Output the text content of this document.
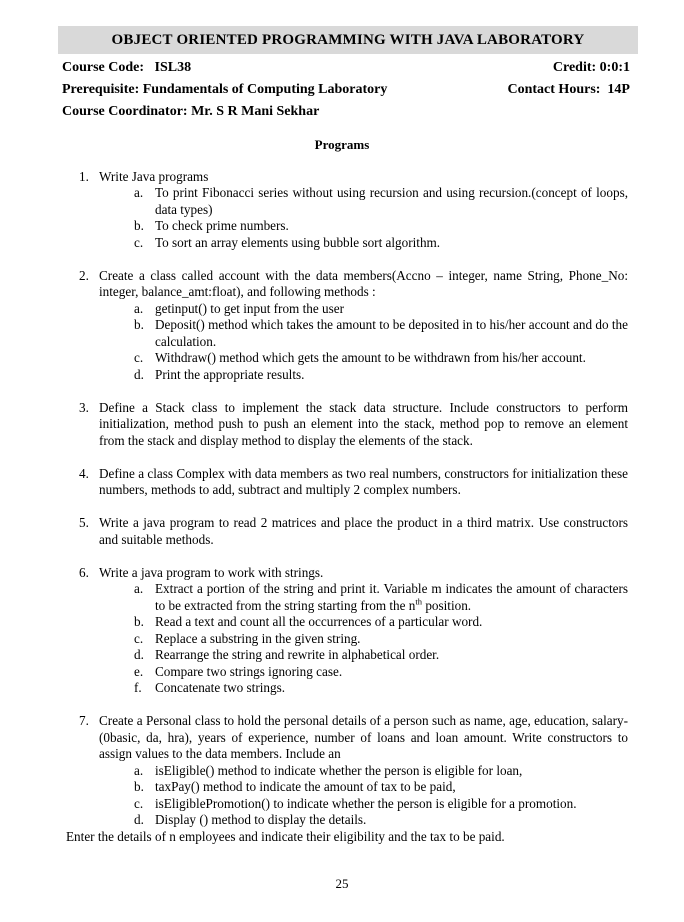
OBJECT ORIENTED PROGRAMMING WITH JAVA LABORATORY
Course Code:   ISL38	Credit: 0:0:1
Prerequisite: Fundamentals of Computing Laboratory	Contact Hours:  14P
Course Coordinator: Mr. S R Mani Sekhar
Programs
1. Write Java programs
a. To print Fibonacci series without using recursion and using recursion.(concept of loops, data types)
b. To check prime numbers.
c. To sort an array elements using bubble sort algorithm.
2. Create a class called account with the data members(Accno – integer, name String, Phone_No: integer, balance_amt:float), and following methods :
a. getinput() to get input from the user
b. Deposit() method which takes the amount to be deposited in to his/her account and do the calculation.
c. Withdraw() method which gets the amount to be withdrawn from his/her account.
d. Print the appropriate results.
3. Define a Stack class to implement the stack data structure. Include constructors to perform initialization, method push to push an element into the stack, method pop to remove an element from the stack and display method to display the elements of the stack.
4. Define a class Complex with data members as two real numbers, constructors for initialization these numbers, methods to add, subtract and multiply 2 complex numbers.
5. Write a java program to read 2 matrices and place the product in a third matrix. Use constructors and suitable methods.
6. Write a java program to work with strings.
a. Extract a portion of the string and print it. Variable m indicates the amount of characters to be extracted from the string starting from the $n^{th}$ position.
b. Read a text and count all the occurrences of a particular word.
c. Replace a substring in the given string.
d. Rearrange the string and rewrite in alphabetical order.
e. Compare two strings ignoring case.
f.	Concatenate two strings.
7. Create a Personal class to hold the personal details of a person such as name, age, education, salary-(0basic, da, hra), years of experience, number of loans and loan amount. Write constructors to assign values to the data members. Include an
a. isEligible() method to indicate whether the person is eligible for loan,
b. taxPay() method to indicate the amount of tax to be paid,
c. isEligiblePromotion() to indicate whether the person is eligible for a promotion.
d. Display () method to display the details.
Enter the details of n employees and indicate their eligibility and the tax to be paid.
25
